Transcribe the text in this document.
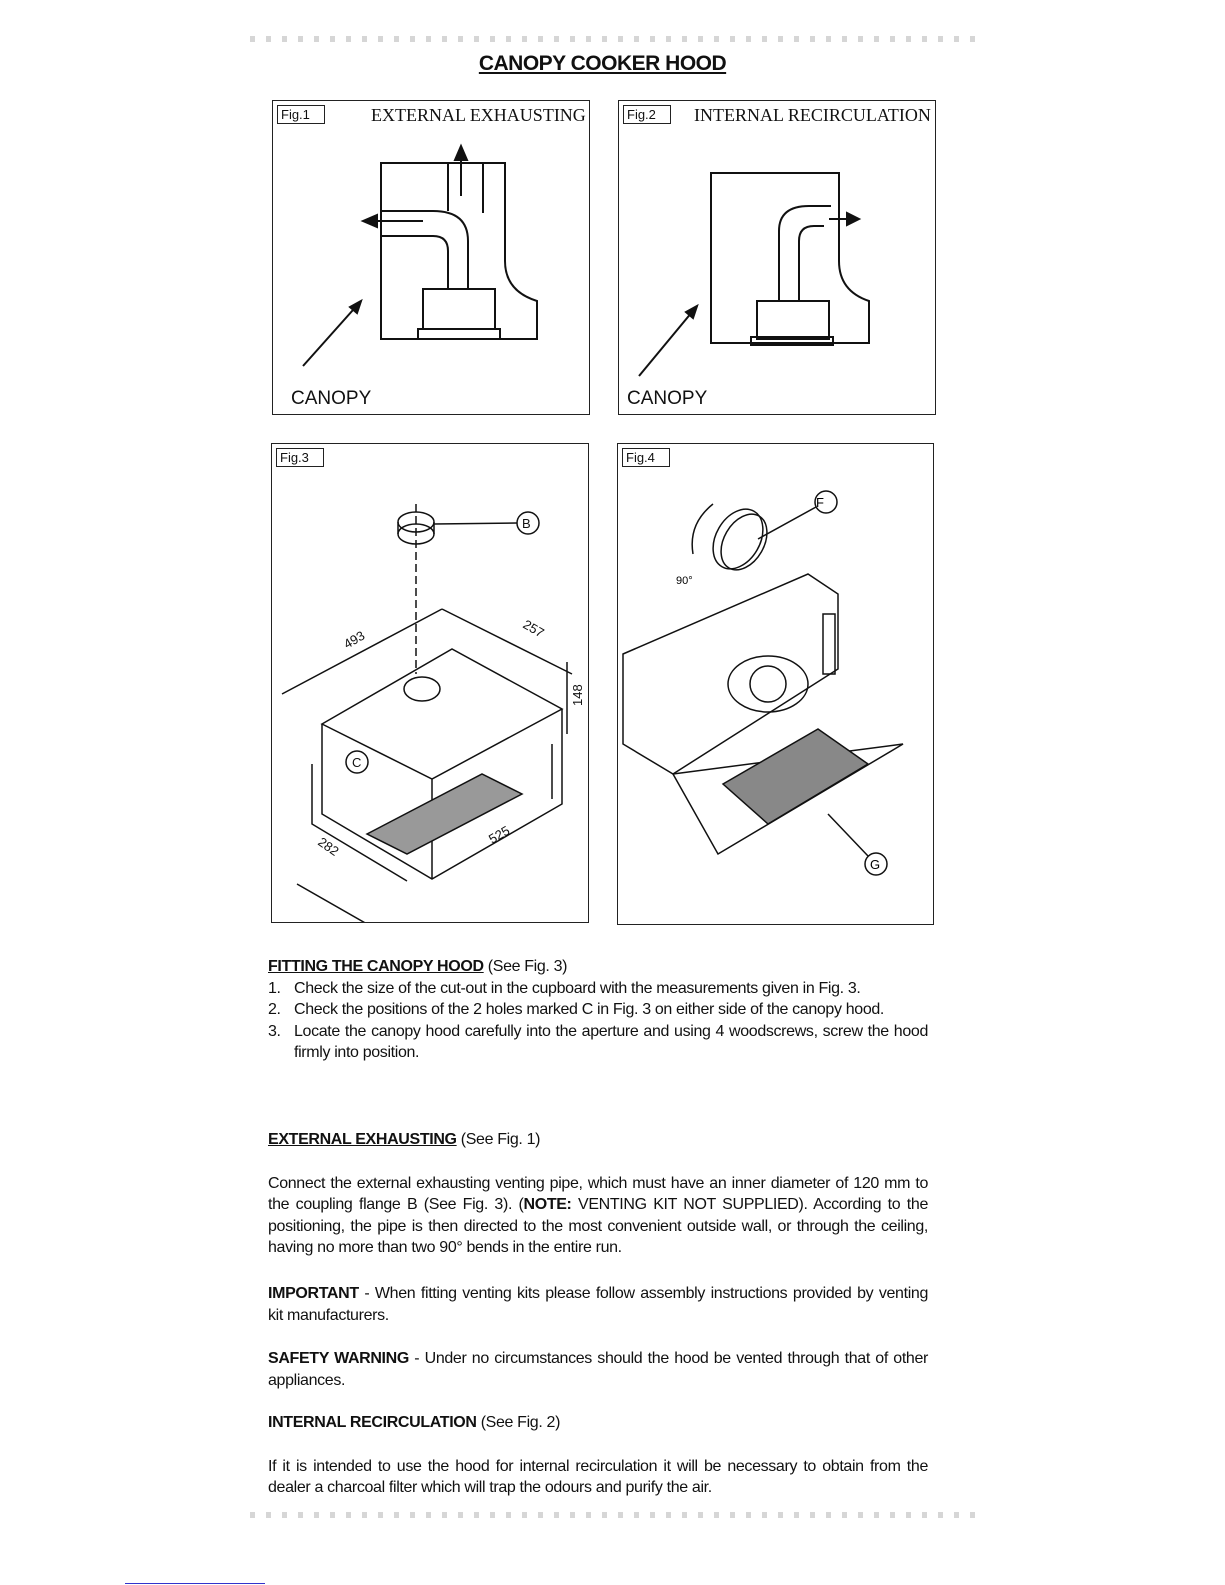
CANOPY COOKER HOOD
Fig.1	EXTERNAL EXHAUSTING
CANOPY
Fig.2	INTERNAL RECIRCULATION
CANOPY
B
C
493	257
148
282	525
Fig.3
F
G
90°
Fig.4
FITTING THE CANOPY HOOD (See Fig. 3)
1. Check the size of the cut-out in the cupboard with the measurements given in Fig. 3.
2. Check the positions of the 2 holes marked C in Fig. 3 on either side of the canopy hood.
3. Locate the canopy hood carefully into the aperture and using 4 woodscrews, screw the hood firmly into position.
EXTERNAL EXHAUSTING (See Fig. 1)
Connect the external exhausting venting pipe, which must have an inner diameter of 120 mm to the coupling flange B (See Fig. 3). (NOTE: VENTING KIT NOT SUPPLIED). According to the positioning, the pipe is then directed to the most convenient outside wall, or through the ceiling, having no more than two 90° bends in the entire run.
IMPORTANT - When fitting venting kits please follow assembly instructions provided by venting kit manufacturers.
SAFETY WARNING - Under no circumstances should the hood be vented through that of other appliances.
INTERNAL RECIRCULATION (See Fig. 2)
If it is intended to use the hood for internal recirculation it will be necessary to obtain from the dealer a charcoal filter which will trap the odours and purify the air.
